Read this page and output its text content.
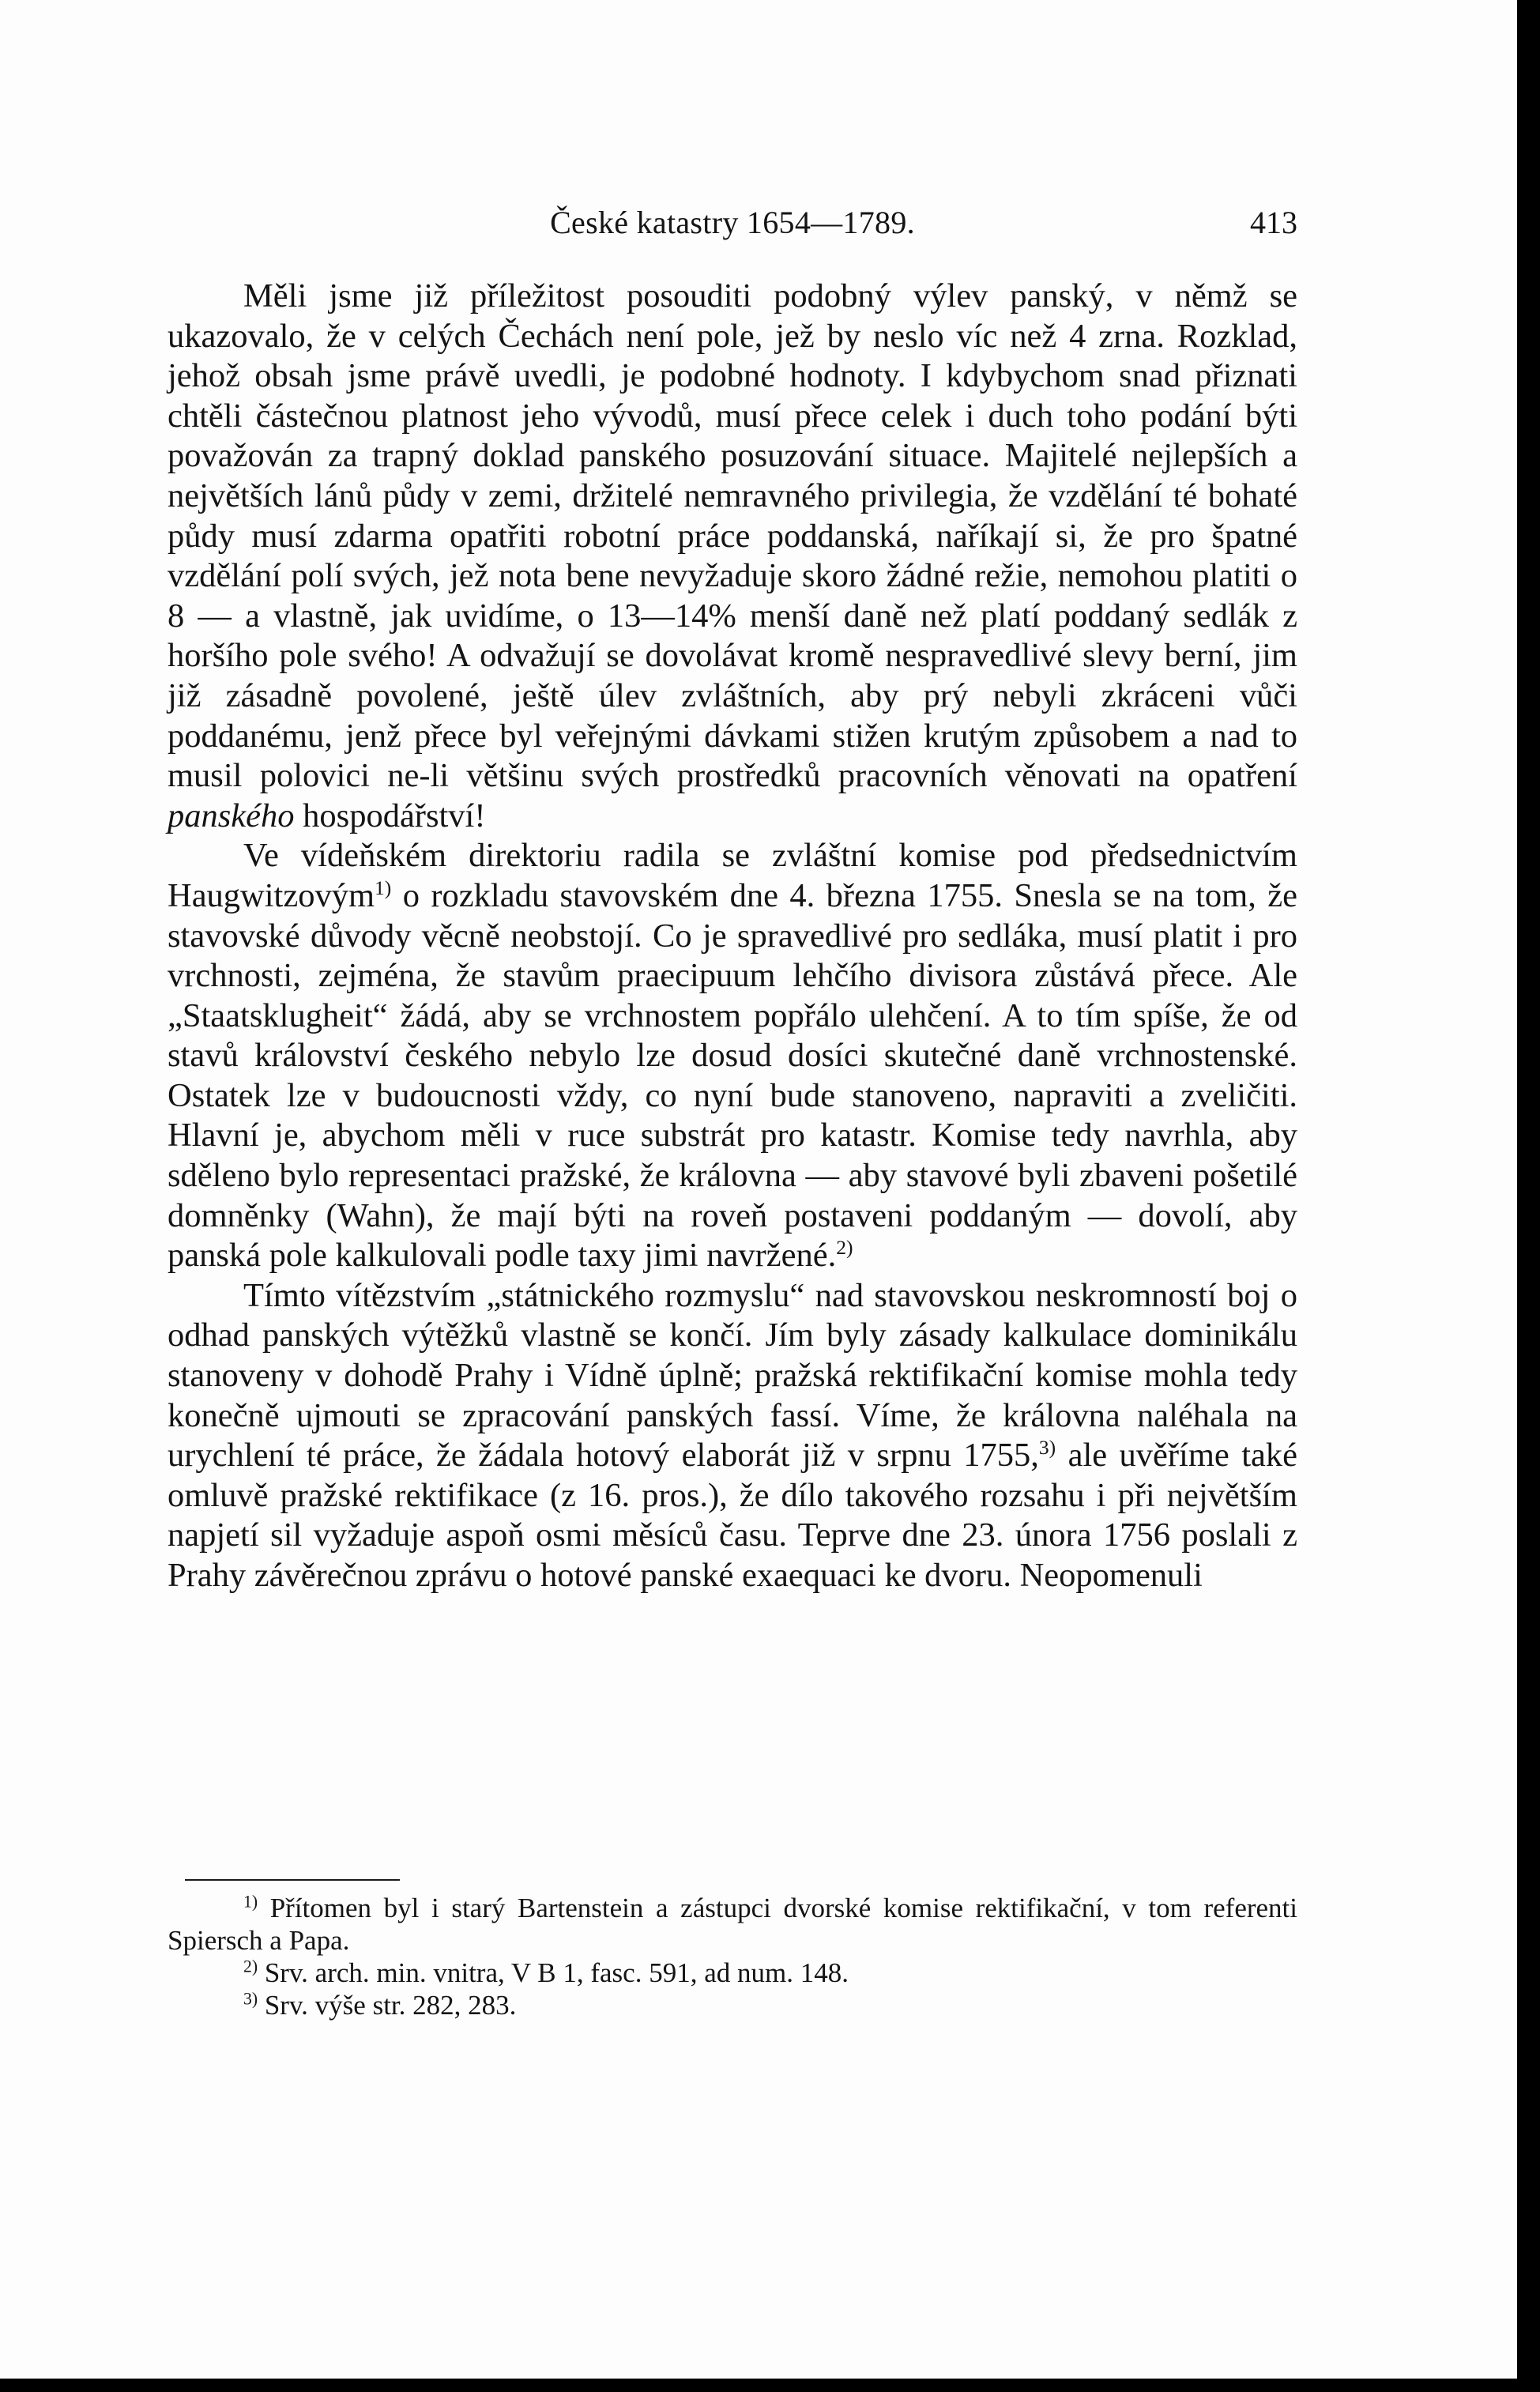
České katastry 1654—1789.	413

Měli jsme již příležitost posouditi podobný výlev panský, v němž se ukazovalo, že v celých Čechách není pole, jež by neslo víc než 4 zrna. Rozklad, jehož obsah jsme právě uvedli, je podobné hodnoty. I kdybychom snad přiznati chtěli částečnou platnost jeho vývodů, musí přece celek i duch toho podání býti považován za trapný doklad panského posuzování situace. Majitelé nejlepších a největších lánů půdy v zemi, držitelé nemravného privilegia, že vzdělání té bohaté půdy musí zdarma opatřiti robotní práce poddanská, naříkají si, že pro špatné vzdělání polí svých, jež nota bene nevyžaduje skoro žádné režie, nemohou platiti o 8 — a vlastně, jak uvidíme, o 13—14% menší daně než platí poddaný sedlák z horšího pole svého! A odvažují se dovolávat kromě nespravedlivé slevy berní, jim již zásadně povolené, ještě úlev zvláštních, aby prý nebyli zkráceni vůči poddanému, jenž přece byl veřejnými dávkami stižen krutým způsobem a nad to musil polovici ne-li většinu svých prostředků pracovních věnovati na opatření panského hospodářství!

Ve vídeňském direktoriu radila se zvláštní komise pod předsednictvím Haugwitzovým$^{1)}$ o rozkladu stavovském dne 4. března 1755. Snesla se na tom, že stavovské důvody věcně neobstojí. Co je spravedlivé pro sedláka, musí platit i pro vrchnosti, zejména, že stavům praecipuum lehčího divisora zůstává přece. Ale „Staatsklugheit“ žádá, aby se vrchnostem popřálo ulehčení. A to tím spíše, že od stavů království českého nebylo lze dosud dosíci skutečné daně vrchnostenské. Ostatek lze v budoucnosti vždy, co nyní bude stanoveno, napraviti a zveličiti. Hlavní je, abychom měli v ruce substrát pro katastr. Komise tedy navrhla, aby sděleno bylo representaci pražské, že královna — aby stavové byli zbaveni pošetilé domněnky (Wahn), že mají býti na roveň postaveni poddaným — dovolí, aby panská pole kalkulovali podle taxy jimi navržené.$^{2)}$

Tímto vítězstvím „státnického rozmyslu“ nad stavovskou neskromností boj o odhad panských výtěžků vlastně se končí. Jím byly zásady kalkulace dominikálu stanoveny v dohodě Prahy i Vídně úplně; pražská rektifikační komise mohla tedy konečně ujmouti se zpracování panských fassí. Víme, že královna naléhala na urychlení té práce, že žádala hotový elaborát již v srpnu 1755,$^{3)}$ ale uvěříme také omluvě pražské rektifikace (z 16. pros.), že dílo takového rozsahu i při největším napjetí sil vyžaduje aspoň osmi měsíců času. Teprve dne 23. února 1756 poslali z Prahy závěrečnou zprávu o hotové panské exaequaci ke dvoru. Neopomenuli

$^{1)}$ Přítomen byl i starý Bartenstein a zástupci dvorské komise rektifikační, v tom referenti Spiersch a Papa.

$^{2)}$ Srv. arch. min. vnitra, V B 1, fasc. 591, ad num. 148.

$^{3)}$ Srv. výše str. 282, 283.
